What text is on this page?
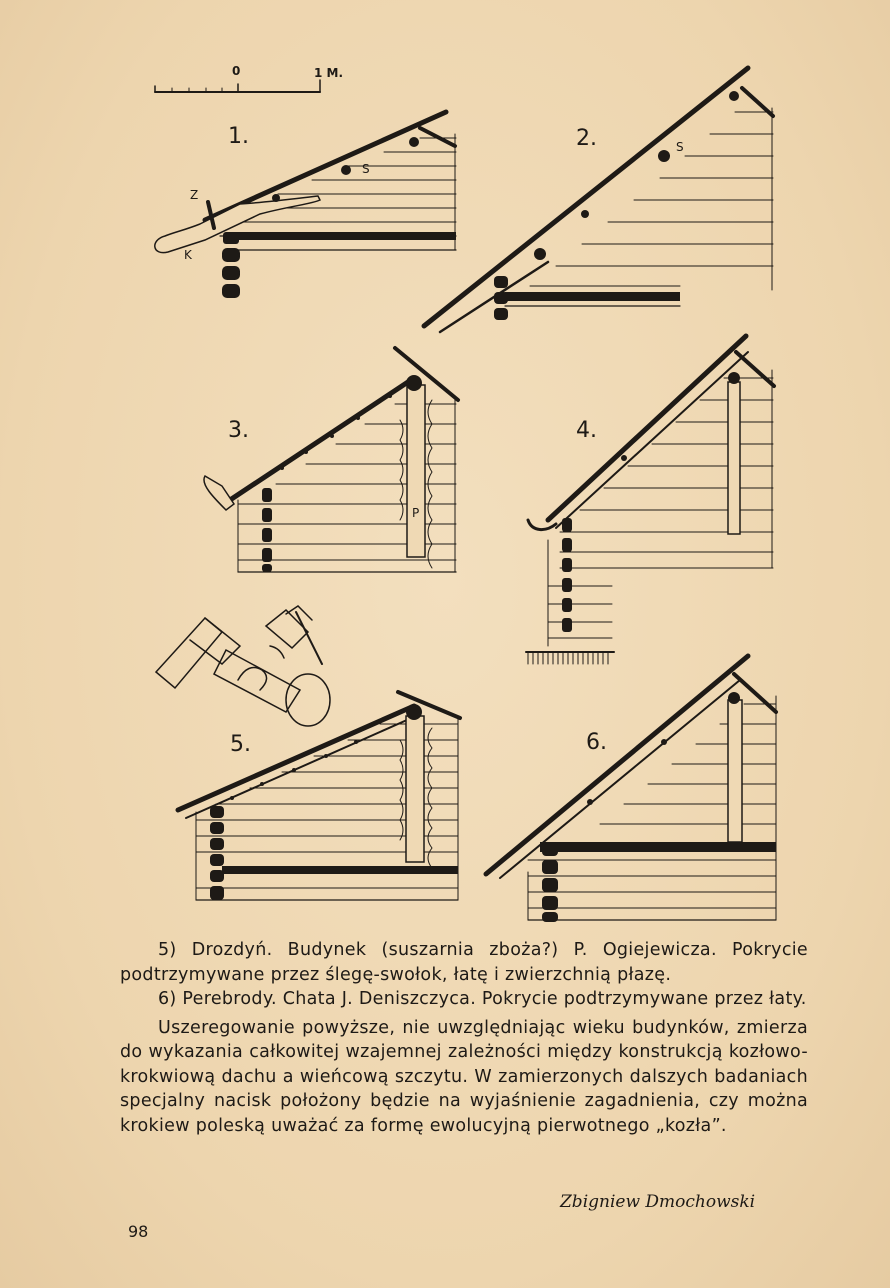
0	1 M.
1.	2.
3.	4.
5.	6.
Z
K
S
S
P

5) Drozdyń. Budynek (suszarnia zboża?) P. Ogiejewicza. Pokrycie podtrzymywane przez ślegę-swołok, łatę i zwierzchnią płazę.

6) Perebrody. Chata J. Deniszczyca. Pokrycie podtrzymywane przez łaty.

Uszeregowanie powyższe, nie uwzględniając wieku budynków, zmierza do wykazania całkowitej wzajemnej zależności między konstrukcją kozłowo-krokwiową dachu a wieńcową szczytu. W zamierzonych dalszych badaniach specjalny nacisk położony będzie na wyjaśnienie zagadnienia, czy można krokiew poleską uważać za formę ewolucyjną pierwotnego „kozła”.

Zbigniew Dmochowski
98
